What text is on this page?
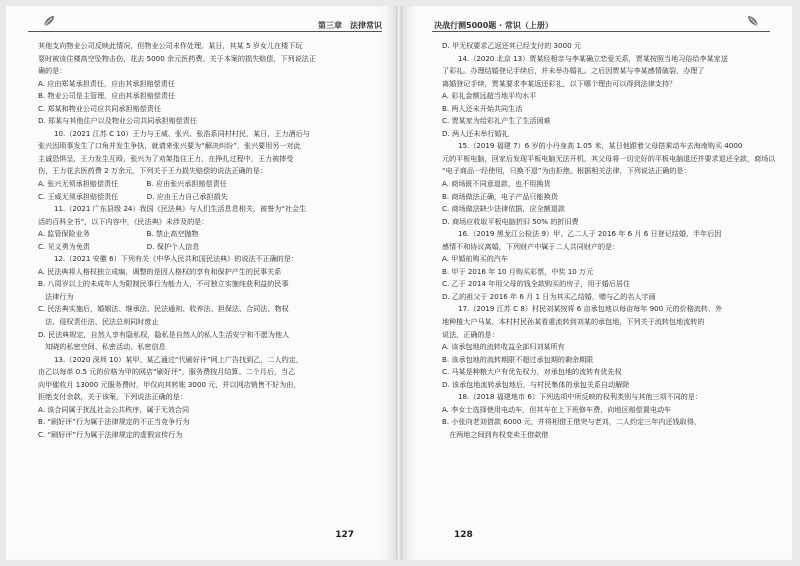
第三章　法律常识
其他支向物业公司反映此情况，但物业公司未作处理。某日，其某 5 岁女儿在楼下玩
耍时被该住楼高空坠物击伤，花去 5000 余元医药费。关于本案的损失赔偿，下列说法正
确的是：
A. 应由郑某承担责任，应由其承担赔偿责任
B. 物业公司是主管理，应由其承担赔偿责任
C. 郑某和物业公司应共同承担赔偿责任
D. 郑某与其他住户以及物业公司共同承担赔偿责任
10.（2021 江苏 C 10）王力与王威、张兴、张浩系同村村民，某日，王力酒后与
张兴因琐事发生了口角并发生争执，就请来张兴要为“解决纠纷”，张兴要用另一对此
主诚恐惧呈，王力发生互殴，张兴为了劝架指住王力，在挣扎过程中，王力被摔受
伤，王力花去医药费 2 万余元，下列关于王力损失赔偿的说法正确的是：
A. 张兴无须承担赔偿责任　　　　B. 应由张兴承担赔偿责任
C. 王威无须承担赔偿责任　　　　D. 应由王力自己承担损失
11.（2021 广东县级 24）我国《民法典》与人们生活息息相关，被誉为“社会生
活的百科全书”，以下内容中，《民法典》未涉及的是：
A. 监管保险业务　　　　　　　　B. 禁止高空抛物
C. 见义勇为免责　　　　　　　　D. 保护个人信息
12.（2021 安徽 6）下列有关《中华人民共和国民法典》的说法不正确的是：
A. 民法典将人格权独立成编，调整的是因人格权的享有和保护产生的民事关系
B. 八周岁以上的未成年人为限制民事行为能力人，不可独立实施纯获利益的民事
　法律行为
C. 民法典实施后，婚姻法、继承法、民法通则、收养法、担保法、合同法、物权
　法、侵权责任法、民法总则同时废止
D. 民法典规定，自然人享有隐私权，隐私是自然人的私人生活安宁和不愿为他人
　知晓的私密空间、私密活动、私密信息
13.（2020 深圳 10）某甲、某乙通过“代刷好评”网上广告找到乙，二人约定，
由乙以每单 0.5 元的价格为甲的网店“刷好评”，服务费按月结算。二个月后，当乙
向甲催收月 13000 元服务费时，甲仅向其转账 3000 元，并以网店销售不好为由，
拒绝支付余款，关于该案，下列说法正确的是：
A. 该合同属于扰乱社会公共秩序，属于无效合同
B. “刷好评”行为属于法律规定的不正当竞争行为
C. “刷好评”行为属于法律规定的虚假宣传行为
127
决战行测5000题 · 常识（上册）
D. 甲无权要求乙返还其已经支付的 3000 元
14.（2020 北京 13）贾某经相亲与李某确立恋爱关系，贾某按照当地习俗给李某家送
了彩礼。办理结婚登记手续后，并未举办婚礼。之后因贾某与李某感情破裂，办理了
离婚登记手续，贾某要求李某返还彩礼，以下哪个理由可以得到法律支持？
A. 彩礼金额远超当地平均水平
B. 两人还未开始共同生活
C. 贾某家为给彩礼产生了生活困难
D. 两人还未举行婚礼
15.（2019 福建 7）6 岁的小丹身高 1.05 米，某日他跟着父母搭乘动车去海南购买 4000
元的平板电脑，回家后发现平板电脑无法开机，其父母将一切完好的平板电脑退还并要求退还全款，商场以
“电子商品一经使用，只换不退”为由拒绝。根据相关法律，下列说法正确的是：
A. 商场既不同意退款，也不用换货
B. 商场做法正确，电子产品只能换货
C. 商场做法缺少法律依据，应全额退款
D. 商场应收取平板电脑折旧 50% 的折旧费
16.（2019 黑龙江公检法 9）甲、乙二人于 2016 年 6 月 6 日登记结婚，半年后因
感情不和协议离婚，下列财产中属于二人共同财产的是：
A. 甲婚前购买的汽车
B. 甲于 2016 年 10 月购买彩票，中奖 10 万元
C. 乙于 2014 年用父母的钱全款购买的房子，用于婚后居住
D. 乙的祖父于 2016 年 6 月 1 日为其买乙结婚，赠与乙的名人字画
17.（2019 江苏 C 8）村民刘某按将 6 亩承包地以每亩每年 900 元的价格流转，外
地种植大户马某，本村村民孙某看重流转到刘某的承包地，下列关于流转包地流转的
说法，正确的是：
A. 该承包地的流转收益全部归刘某所有
B. 该承包地的流转期限不超过承包期的剩余期限
C. 马某是种粮大户有优先权力，对承包地的流转有优先权
D. 该承包地流转承包地后，与村民集体的承包关系自动解除
18.（2018 福建地市 6）下列选项中所反映的权利类别与其他三项不同的是：
A. 李女士选择使用电动车，但其车在上下班修车费，向地区赔偿置电动车
B. 小张向老刘借款 6000 元，并将相借王借突与老刘，二人约定三年内还钱取得，
　在两地之间到有权变卖王借款借
128
